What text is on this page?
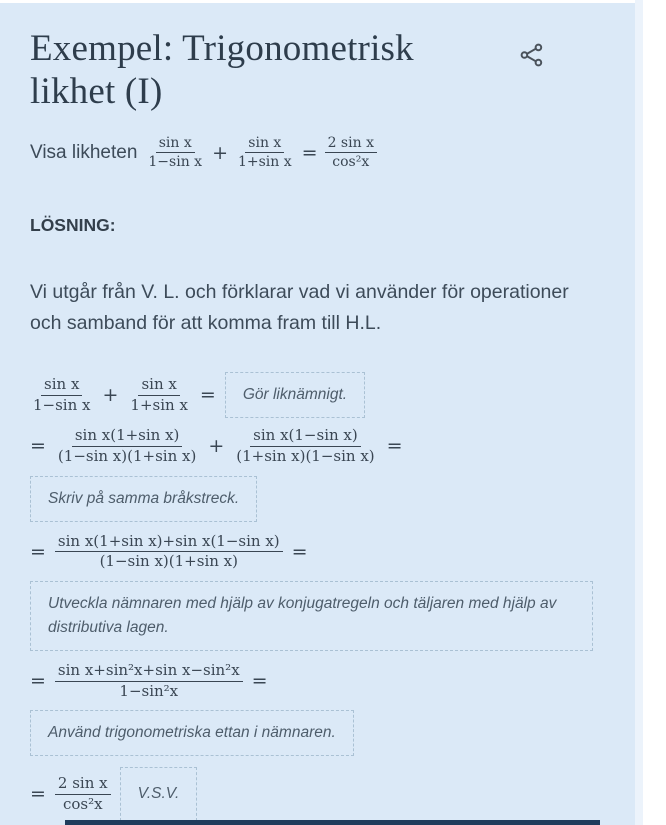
Exempel: Trigonometrisk likhet (I)
Visa likheten $\frac{\text{sin x}}{\text{1−sin x}} + \frac{\text{sin x}}{\text{1+sin x}} = \frac{\text{2 sin x}}{\text{cos²x}}$
LÖSNING:

Vi utgår från V. L. och förklarar vad vi använder för operationer och samband för att komma fram till H.L.

$\frac{\text{sin x}}{\text{1−sin x}} + \frac{\text{sin x}}{\text{1+sin x}}$ =	Gör liknämnigt.
= $\frac{\text{sin x(1+sin x)}}{\text{(1−sin x)(1+sin x)}} + \frac{\text{sin x(1−sin x)}}{\text{(1+sin x)(1−sin x)}}$ =
Skriv på samma bråkstreck.
= $\frac{\text{sin x(1+sin x)+sin x(1−sin x)}}{\text{(1−sin x)(1+sin x)}}$ =
Utveckla nämnaren med hjälp av konjugatregeln och täljaren med hjälp av distributiva lagen.
= $\frac{\text{sin x+sin²x+sin x−sin²x}}{\text{1−sin²x}}$ =
Använd trigonometriska ettan i nämnaren.
= $\frac{\text{2 sin x}}{\text{cos²x}}$	V.S.V.
